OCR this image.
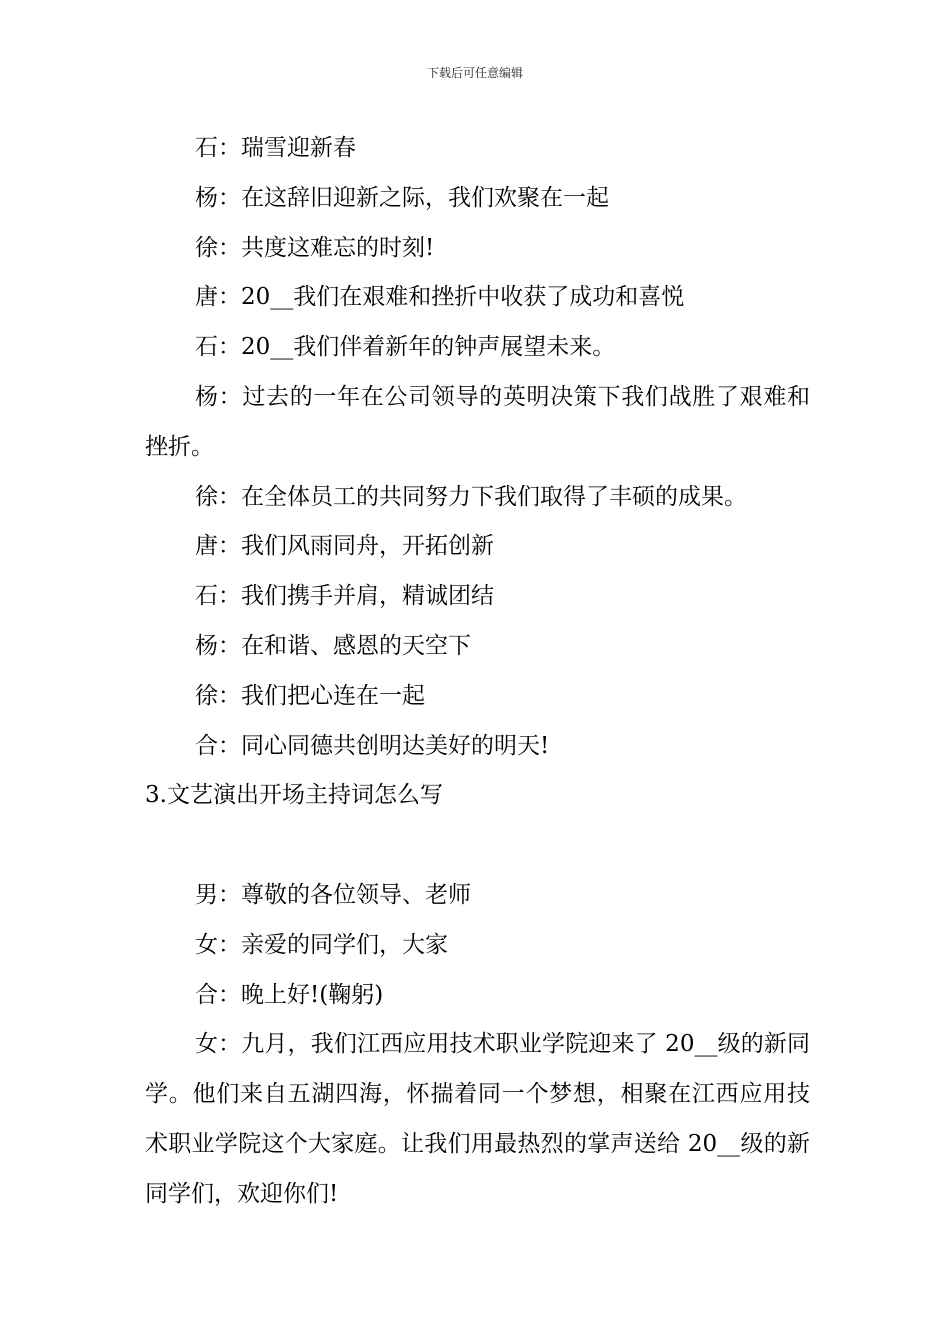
下载后可任意编辑

石：瑞雪迎新春

杨：在这辞旧迎新之际，我们欢聚在一起

徐：共度这难忘的时刻!

唐：20__我们在艰难和挫折中收获了成功和喜悦

石：20__我们伴着新年的钟声展望未来。

杨：过去的一年在公司领导的英明决策下我们战胜了艰难和挫折。

徐：在全体员工的共同努力下我们取得了丰硕的成果。

唐：我们风雨同舟，开拓创新

石：我们携手并肩，精诚团结

杨：在和谐、感恩的天空下

徐：我们把心连在一起

合：同心同德共创明达美好的明天!

3.文艺演出开场主持词怎么写

男：尊敬的各位领导、老师

女：亲爱的同学们，大家

合：晚上好!(鞠躬)

女：九月，我们江西应用技术职业学院迎来了 20__级的新同学。他们来自五湖四海，怀揣着同一个梦想，相聚在江西应用技术职业学院这个大家庭。让我们用最热烈的掌声送给 20__级的新同学们，欢迎你们!
